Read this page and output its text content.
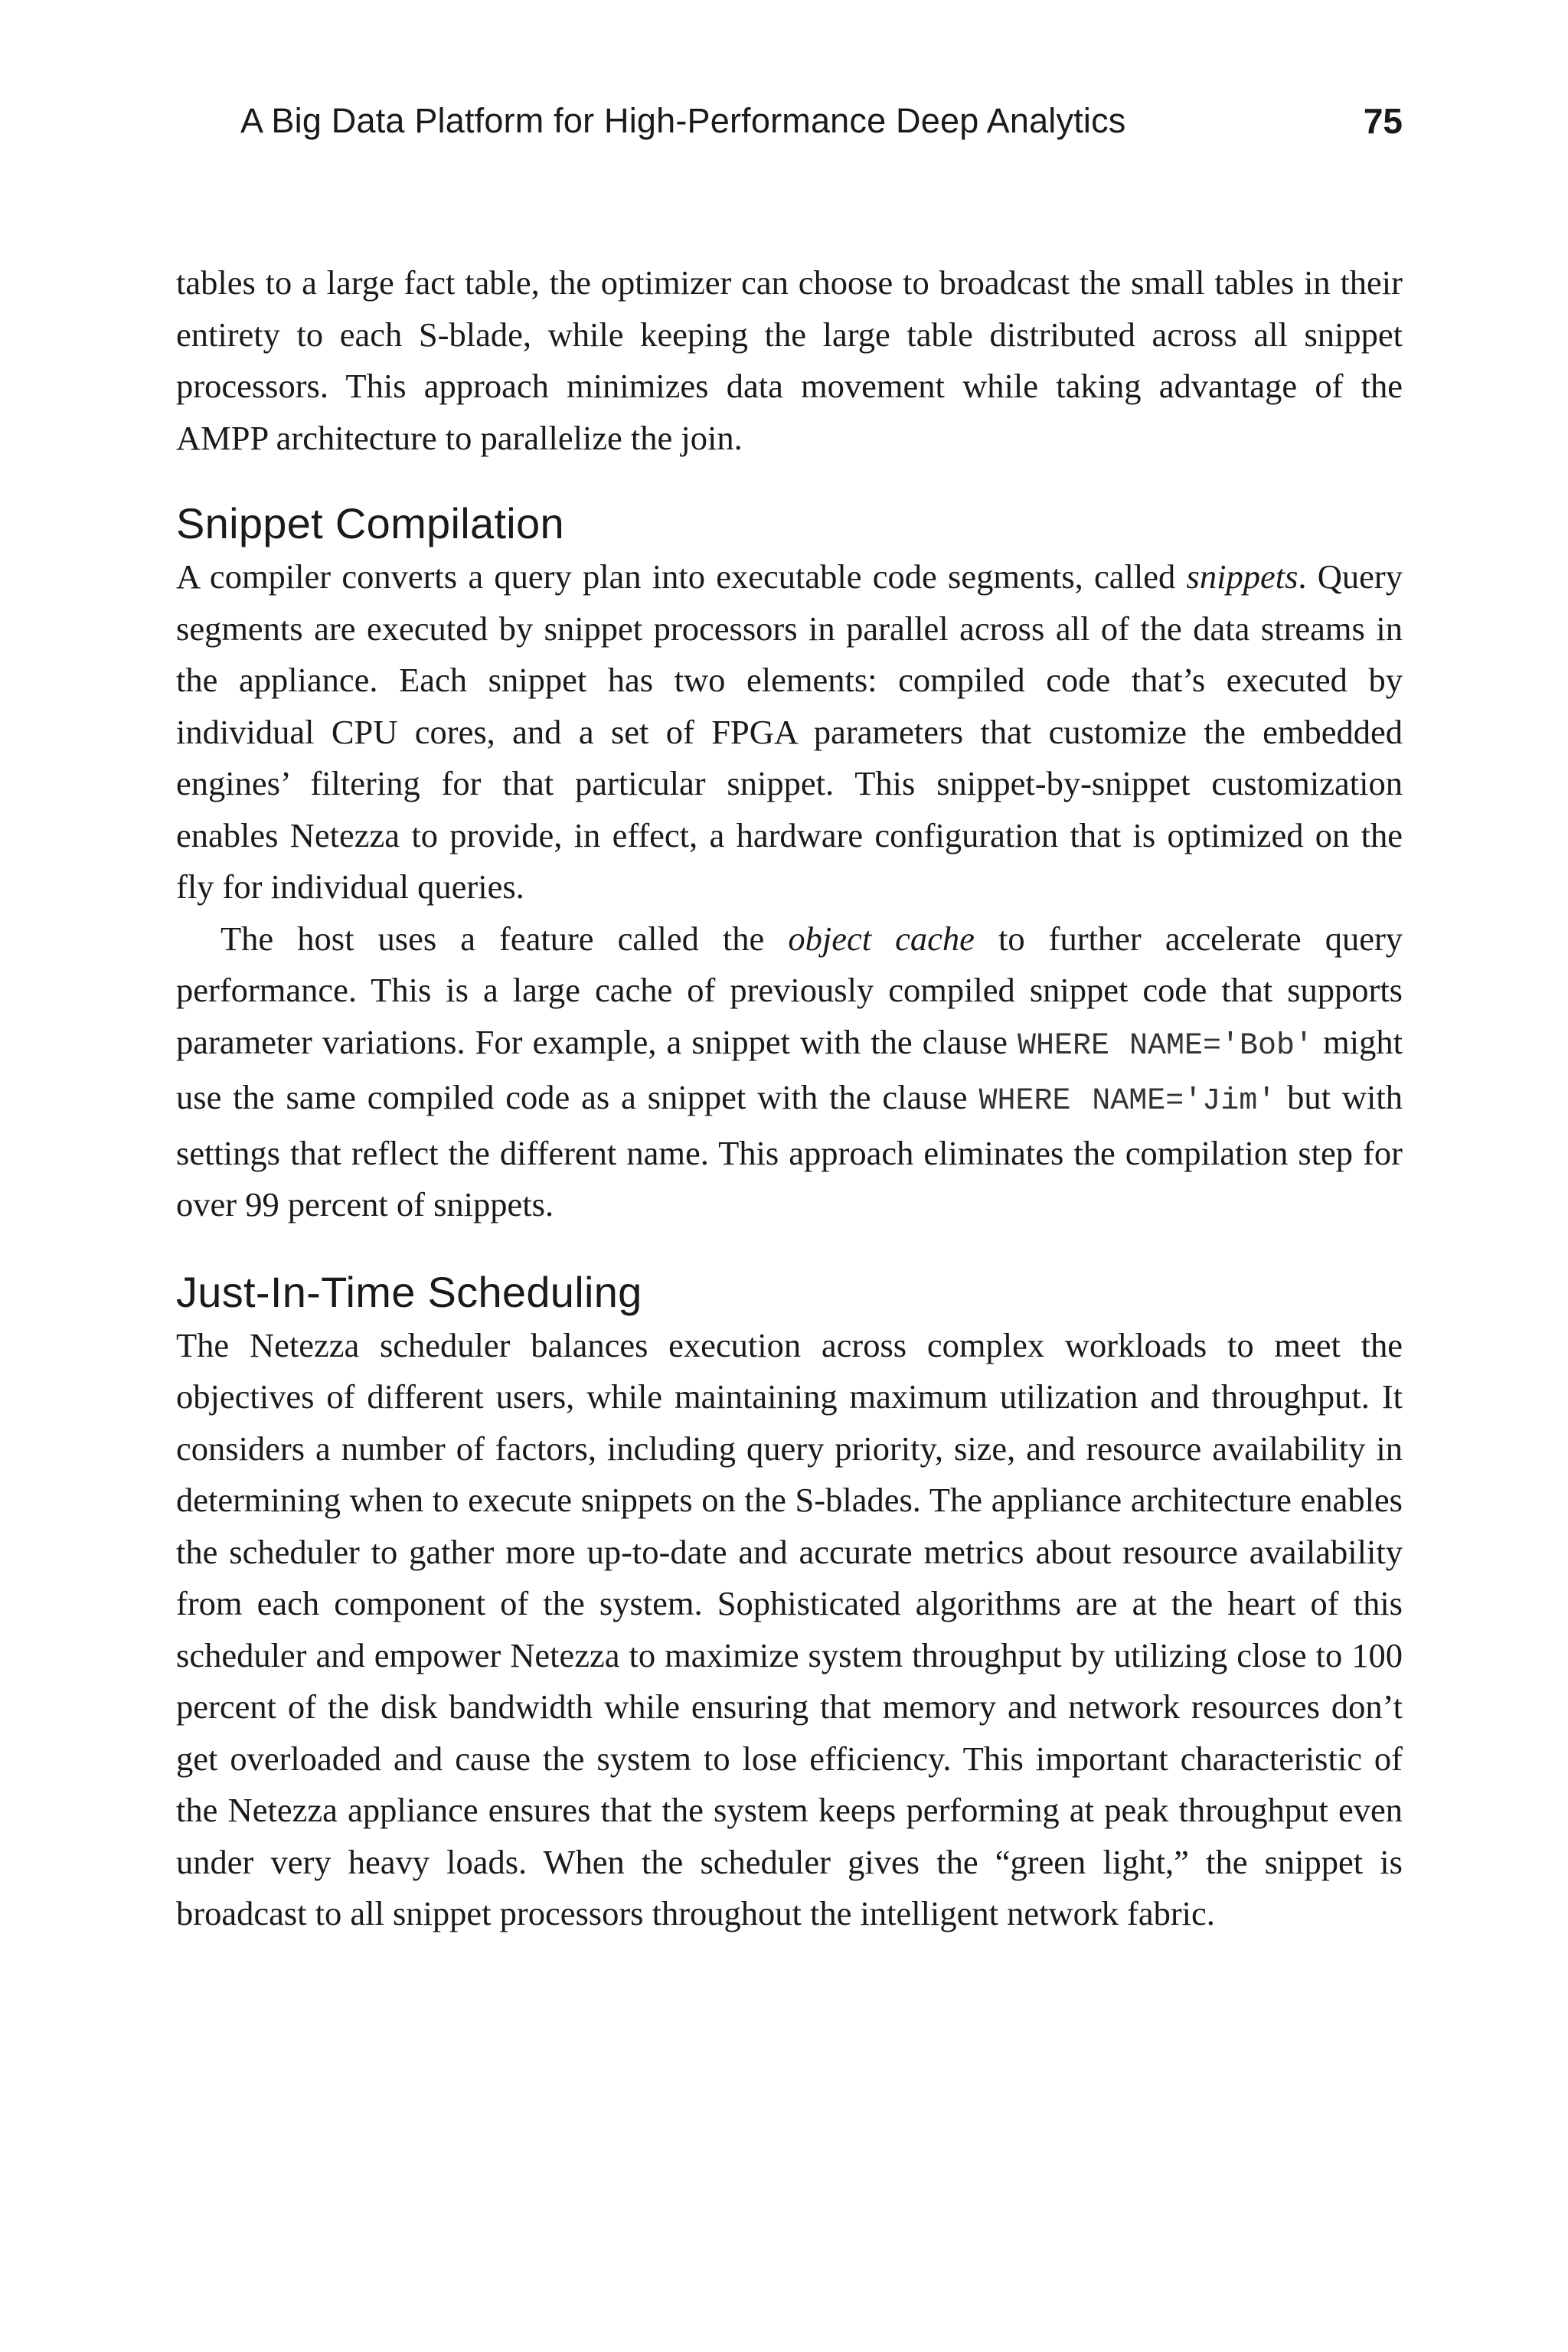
A Big Data Platform for High-Performance Deep Analytics	75

tables to a large fact table, the optimizer can choose to broadcast the small tables in their entirety to each S-blade, while keeping the large table distributed across all snippet processors. This approach minimizes data movement while taking advantage of the AMPP architecture to parallelize the join.

Snippet Compilation

A compiler converts a query plan into executable code segments, called snippets. Query segments are executed by snippet processors in parallel across all of the data streams in the appliance. Each snippet has two elements: compiled code that’s executed by individual CPU cores, and a set of FPGA parameters that customize the embedded engines’ filtering for that particular snippet. This snippet-by-snippet customization enables Netezza to provide, in effect, a hardware configuration that is optimized on the fly for individual queries.

The host uses a feature called the object cache to further accelerate query performance. This is a large cache of previously compiled snippet code that supports parameter variations. For example, a snippet with the clause WHERE NAME='Bob' might use the same compiled code as a snippet with the clause WHERE NAME='Jim' but with settings that reflect the different name. This approach eliminates the compilation step for over 99 percent of snippets.

Just-In-Time Scheduling

The Netezza scheduler balances execution across complex workloads to meet the objectives of different users, while maintaining maximum utilization and throughput. It considers a number of factors, including query priority, size, and resource availability in determining when to execute snippets on the S-blades. The appliance architecture enables the scheduler to gather more up-to-date and accurate metrics about resource availability from each component of the system. Sophisticated algorithms are at the heart of this scheduler and empower Netezza to maximize system throughput by utilizing close to 100 percent of the disk bandwidth while ensuring that memory and network resources don’t get overloaded and cause the system to lose efficiency. This important characteristic of the Netezza appliance ensures that the system keeps performing at peak throughput even under very heavy loads. When the scheduler gives the “green light,” the snippet is broadcast to all snippet processors throughout the intelligent network fabric.
